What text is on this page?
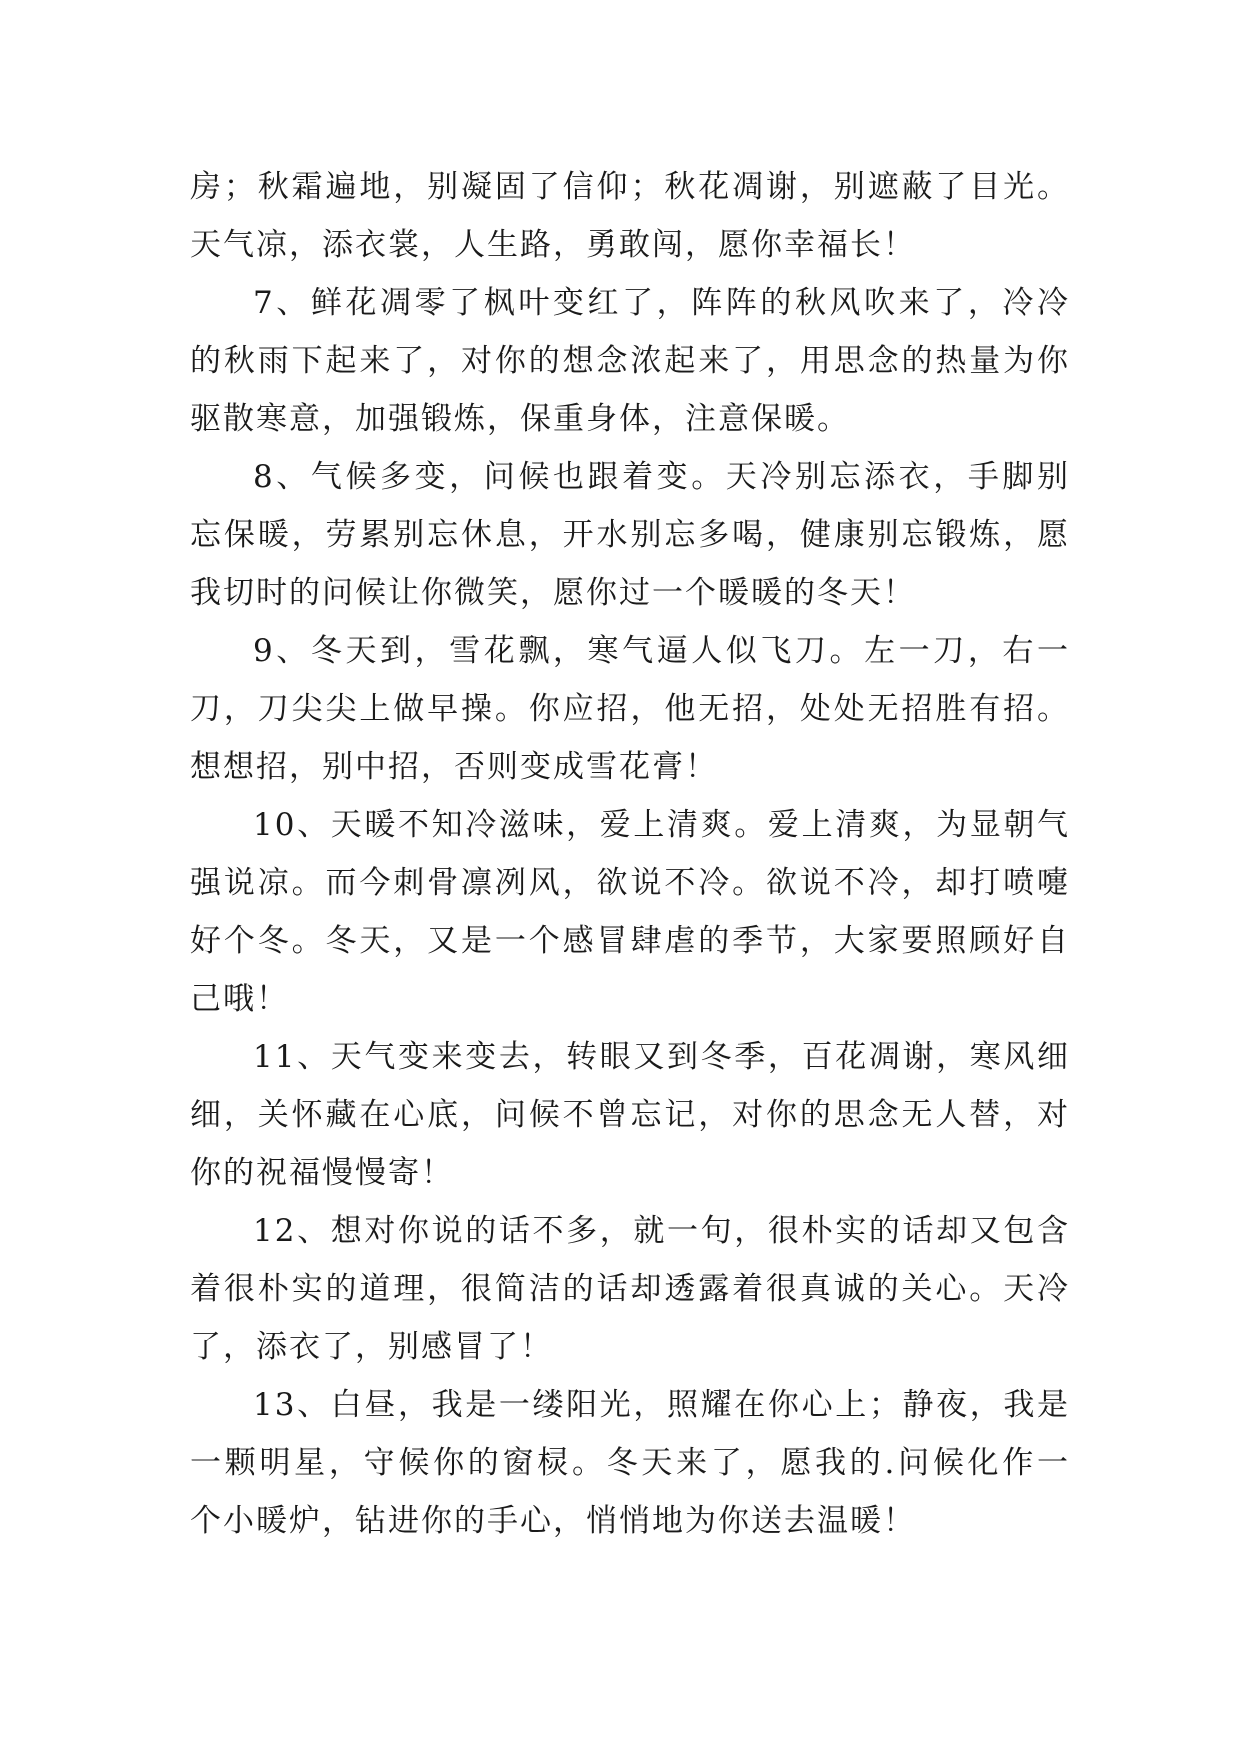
房；秋霜遍地，别凝固了信仰；秋花凋谢，别遮蔽了目光。
天气凉，添衣裳，人生路，勇敢闯，愿你幸福长！
7、鲜花凋零了枫叶变红了，阵阵的秋风吹来了，冷冷
的秋雨下起来了，对你的想念浓起来了，用思念的热量为你
驱散寒意，加强锻炼，保重身体，注意保暖。
8、气候多变，问候也跟着变。天冷别忘添衣，手脚别
忘保暖，劳累别忘休息，开水别忘多喝，健康别忘锻炼，愿
我切时的问候让你微笑，愿你过一个暖暖的冬天！
9、冬天到，雪花飘，寒气逼人似飞刀。左一刀，右一
刀，刀尖尖上做早操。你应招，他无招，处处无招胜有招。
想想招，别中招，否则变成雪花膏！
10、天暖不知冷滋味，爱上清爽。爱上清爽，为显朝气
强说凉。而今刺骨凛冽风，欲说不冷。欲说不冷，却打喷嚏
好个冬。冬天，又是一个感冒肆虐的季节，大家要照顾好自
己哦！
11、天气变来变去，转眼又到冬季，百花凋谢，寒风细
细，关怀藏在心底，问候不曾忘记，对你的思念无人替，对
你的祝福慢慢寄！
12、想对你说的话不多，就一句，很朴实的话却又包含
着很朴实的道理，很简洁的话却透露着很真诚的关心。天冷
了，添衣了，别感冒了！
13、白昼，我是一缕阳光，照耀在你心上；静夜，我是
一颗明星，守候你的窗棂。冬天来了，愿我的.问候化作一
个小暖炉，钻进你的手心，悄悄地为你送去温暖！
